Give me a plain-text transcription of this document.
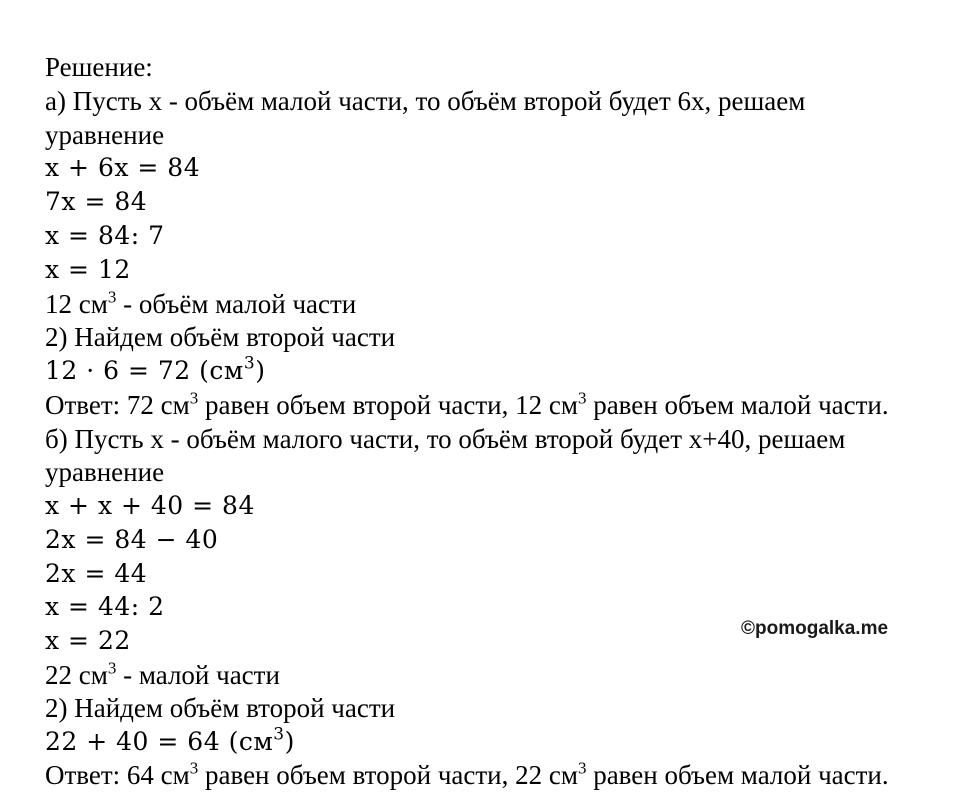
Решение:
а) Пусть x - объём малой части, то объём второй будет 6x, решаем
уравнение
x + 6x = 84
7x = 84
x = 84: 7
x = 12
12 $см^3$ - объём малой части
2) Найдем объём второй части
12 · 6 = 72 $(см^3)$
Ответ: 72 $см^3$ равен объем второй части, 12 $см^3$ равен объем малой части.
б) Пусть x - объём малого части, то объём второй будет x+40, решаем
уравнение
x + x + 40 = 84
2x = 84 − 40
2x = 44
x = 44: 2
x = 22
22 $см^3$ - малой части
2) Найдем объём второй части
22 + 40 = 64 $(см^3)$
Ответ: 64 $см^3$ равен объем второй части, 22 $см^3$ равен объем малой части.
©pomogalka.me
